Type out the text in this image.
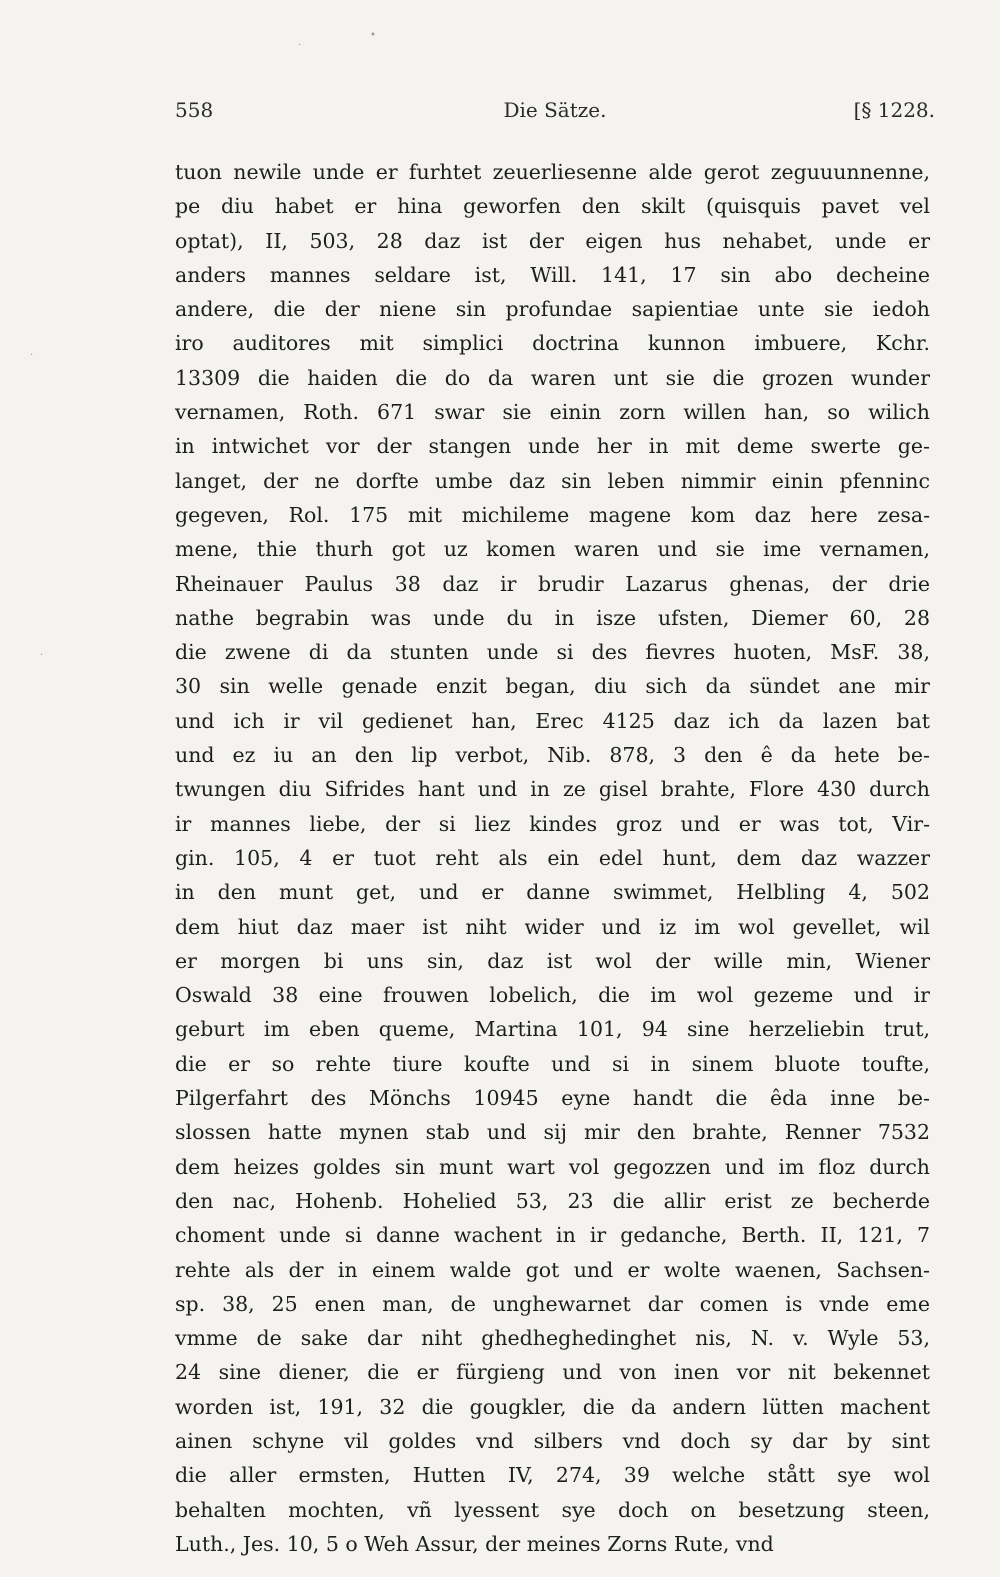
558	Die Sätze.	[§ 1228.
tuon newile unde er furhtet zeuerliesenne alde gerot zeguuunnenne,
pe diu habet er hina geworfen den skilt (quisquis pavet vel
optat), II, 503, 28 daz ist der eigen hus nehabet, unde er
anders mannes seldare ist, Will. 141, 17 sin abo decheine
andere, die der niene sin profundae sapientiae unte sie iedoh
iro auditores mit simplici doctrina kunnon imbuere, Kchr.
13309 die haiden die do da waren unt sie die grozen wunder
vernamen, Roth. 671 swar sie einin zorn willen han, so wilich
in intwichet vor der stangen unde her in mit deme swerte ge-
langet, der ne dorfte umbe daz sin leben nimmir einin pfenninc
gegeven, Rol. 175 mit michileme magene kom daz here zesa-
mene, thie thurh got uz komen waren und sie ime vernamen,
Rheinauer Paulus 38 daz ir brudir Lazarus ghenas, der drie
nathe begrabin was unde du in isze ufsten, Diemer 60, 28
die zwene di da stunten unde si des fievres huoten, MsF. 38,
30 sin welle genade enzit began, diu sich da sündet ane mir
und ich ir vil gedienet han, Erec 4125 daz ich da lazen bat
und ez iu an den lip verbot, Nib. 878, 3 den ê da hete be-
twungen diu Sifrides hant und in ze gisel brahte, Flore 430 durch
ir mannes liebe, der si liez kindes groz und er was tot, Vir-
gin. 105, 4 er tuot reht als ein edel hunt, dem daz wazzer
in den munt get, und er danne swimmet, Helbling 4, 502
dem hiut daz maer ist niht wider und iz im wol gevellet, wil
er morgen bi uns sin, daz ist wol der wille min, Wiener
Oswald 38 eine frouwen lobelich, die im wol gezeme und ir
geburt im eben queme, Martina 101, 94 sine herzeliebin trut,
die er so rehte tiure koufte und si in sinem bluote toufte,
Pilgerfahrt des Mönchs 10945 eyne handt die êda inne be-
slossen hatte mynen stab und sij mir den brahte, Renner 7532
dem heizes goldes sin munt wart vol gegozzen und im floz durch
den nac, Hohenb. Hohelied 53, 23 die allir erist ze becherde
choment unde si danne wachent in ir gedanche, Berth. II, 121, 7
rehte als der in einem walde got und er wolte waenen, Sachsen-
sp. 38, 25 enen man, de unghewarnet dar comen is vnde eme
vmme de sake dar niht ghedheghedinghet nis, N. v. Wyle 53,
24 sine diener, die er fürgieng und von inen vor nit bekennet
worden ist, 191, 32 die gougkler, die da andern lütten machent
ainen schyne vil goldes vnd silbers vnd doch sy dar by sint
die aller ermsten, Hutten IV, 274, 39 welche stått sye wol
behalten mochten, vñ lyessent sye doch on besetzung steen,
Luth., Jes. 10, 5 o Weh Assur, der meines Zorns Rute, vnd
•
·
·
·
